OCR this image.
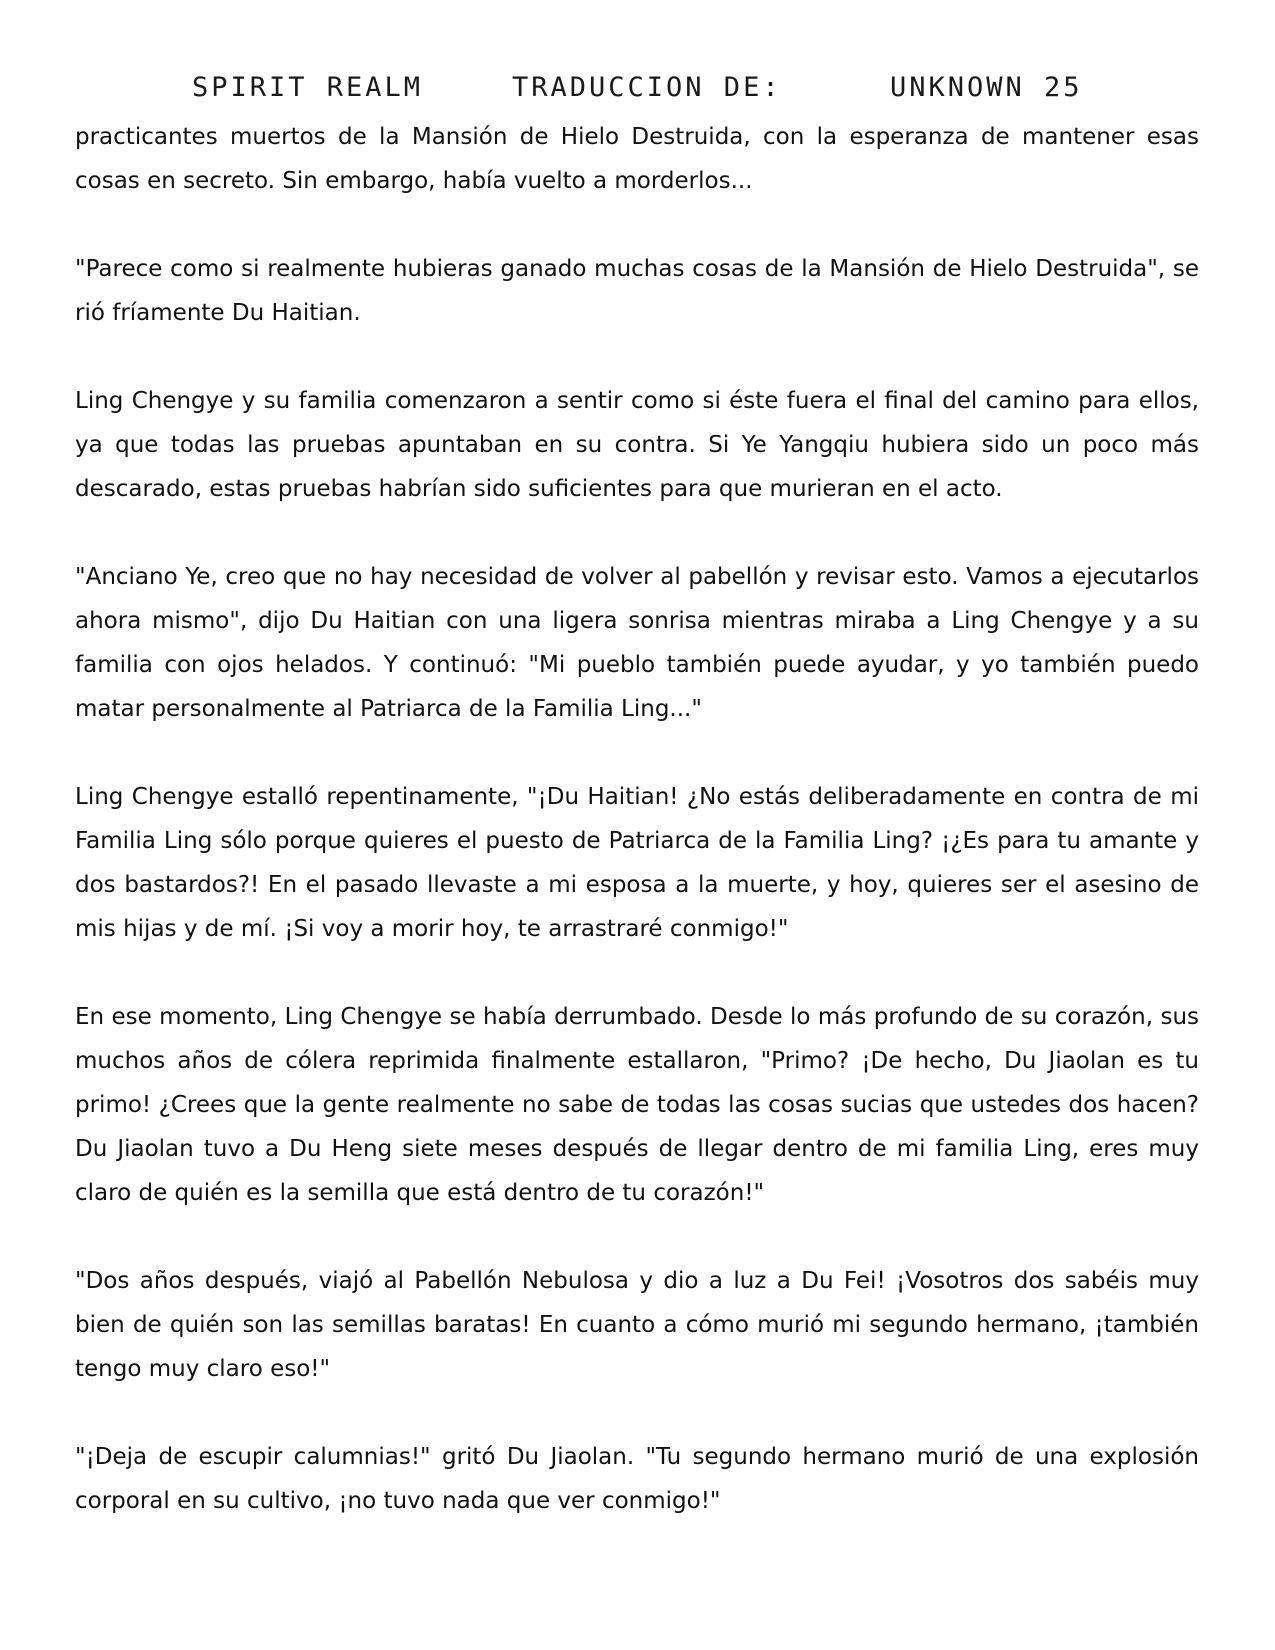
SPIRIT REALM	TRADUCCION DE:	UNKNOWN 25

practicantes muertos de la Mansión de Hielo Destruida, con la esperanza de mantener esas cosas en secreto. Sin embargo, había vuelto a morderlos...

"Parece como si realmente hubieras ganado muchas cosas de la Mansión de Hielo Destruida", se rió fríamente Du Haitian.

Ling Chengye y su familia comenzaron a sentir como si éste fuera el final del camino para ellos, ya que todas las pruebas apuntaban en su contra. Si Ye Yangqiu hubiera sido un poco más descarado, estas pruebas habrían sido suficientes para que murieran en el acto.

"Anciano Ye, creo que no hay necesidad de volver al pabellón y revisar esto. Vamos a ejecutarlos ahora mismo", dijo Du Haitian con una ligera sonrisa mientras miraba a Ling Chengye y a su familia con ojos helados. Y continuó: "Mi pueblo también puede ayudar, y yo también puedo matar personalmente al Patriarca de la Familia Ling..."

Ling Chengye estalló repentinamente, "¡Du Haitian! ¿No estás deliberadamente en contra de mi Familia Ling sólo porque quieres el puesto de Patriarca de la Familia Ling? ¡¿Es para tu amante y dos bastardos?! En el pasado llevaste a mi esposa a la muerte, y hoy, quieres ser el asesino de mis hijas y de mí. ¡Si voy a morir hoy, te arrastraré conmigo!"

En ese momento, Ling Chengye se había derrumbado. Desde lo más profundo de su corazón, sus muchos años de cólera reprimida finalmente estallaron, "Primo? ¡De hecho, Du Jiaolan es tu primo! ¿Crees que la gente realmente no sabe de todas las cosas sucias que ustedes dos hacen? Du Jiaolan tuvo a Du Heng siete meses después de llegar dentro de mi familia Ling, eres muy claro de quién es la semilla que está dentro de tu corazón!"

"Dos años después, viajó al Pabellón Nebulosa y dio a luz a Du Fei! ¡Vosotros dos sabéis muy bien de quién son las semillas baratas! En cuanto a cómo murió mi segundo hermano, ¡también tengo muy claro eso!"

"¡Deja de escupir calumnias!" gritó Du Jiaolan. "Tu segundo hermano murió de una explosión corporal en su cultivo, ¡no tuvo nada que ver conmigo!"
